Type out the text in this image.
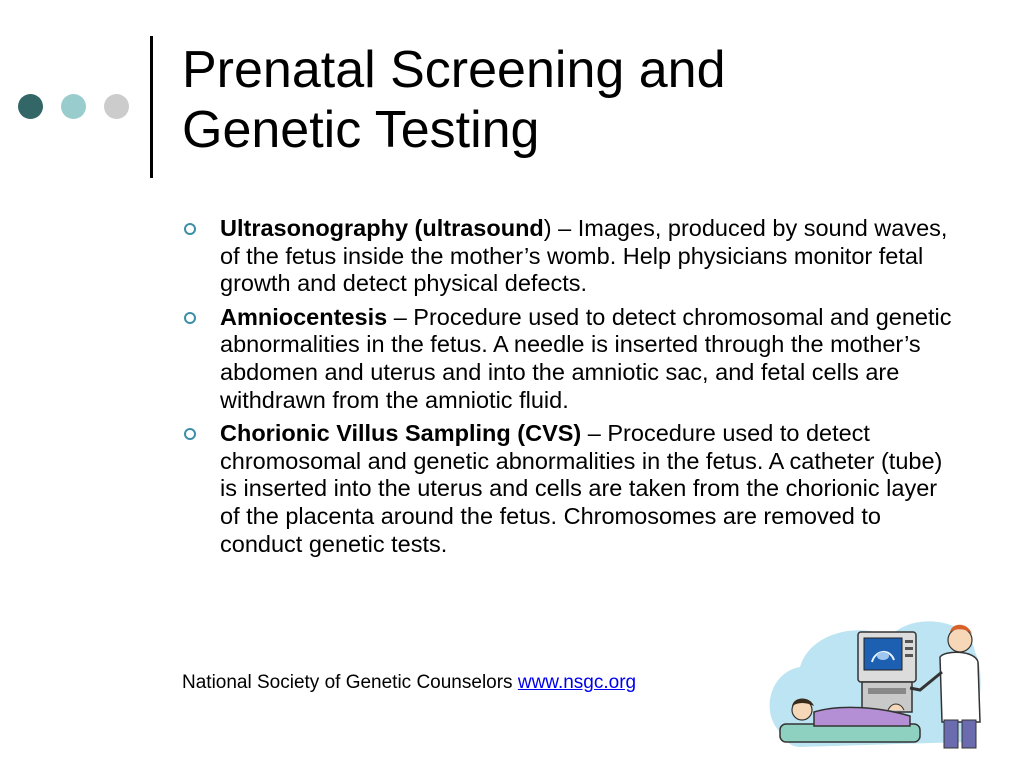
Prenatal Screening and
Genetic Testing
Ultrasonography (ultrasound) – Images, produced by sound waves, of the fetus inside the mother’s womb. Help physicians monitor fetal growth and detect physical defects.
Amniocentesis – Procedure used to detect chromosomal and genetic abnormalities in the fetus. A needle is inserted through the mother’s abdomen and uterus and into the amniotic sac, and fetal cells are withdrawn from the amniotic fluid.
Chorionic Villus Sampling (CVS) – Procedure used to detect chromosomal and genetic abnormalities in the fetus. A catheter (tube) is inserted into the uterus and cells are taken from the chorionic layer of the placenta around the fetus. Chromosomes are removed to conduct genetic tests.
National Society of Genetic Counselors www.nsgc.org
